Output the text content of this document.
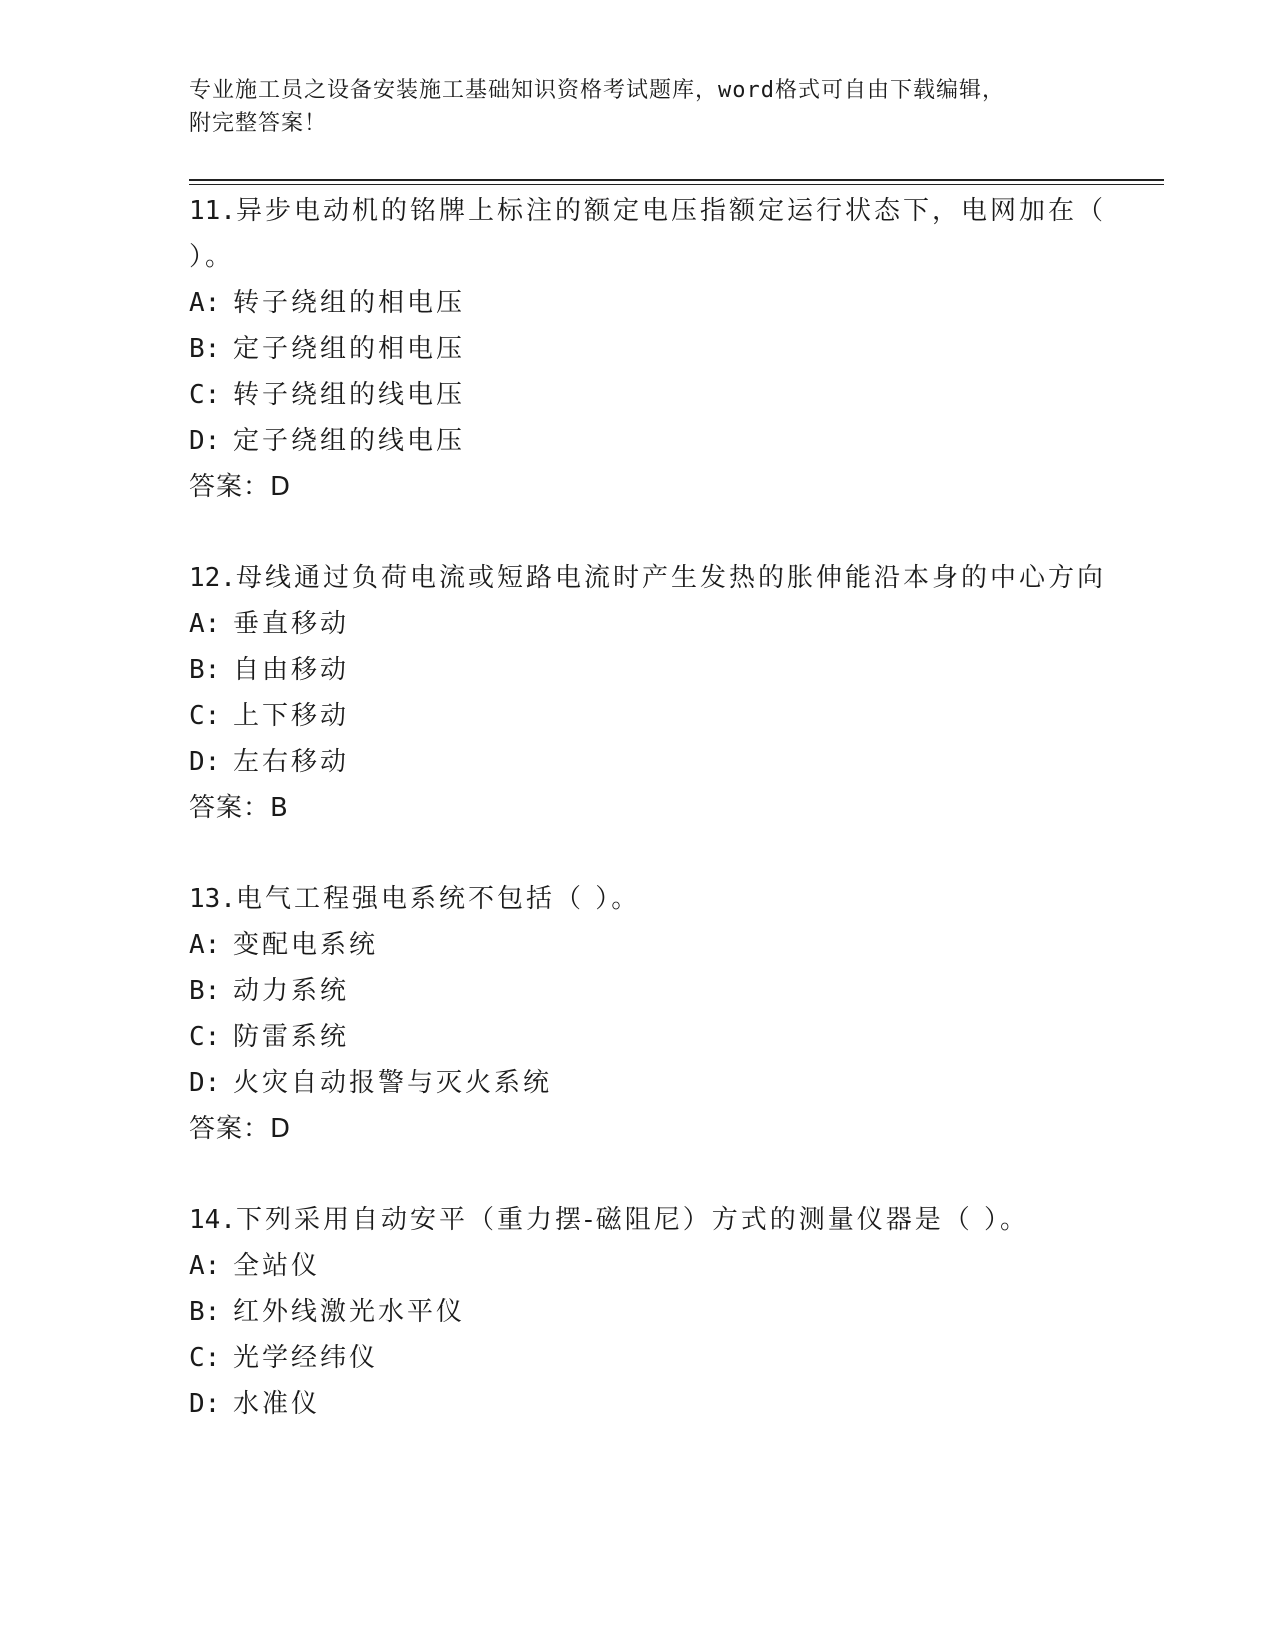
专业施工员之设备安装施工基础知识资格考试题库，word格式可自由下载编辑，
附完整答案！
11.异步电动机的铭牌上标注的额定电压指额定运行状态下，电网加在（ ）。
A: 转子绕组的相电压
B: 定子绕组的相电压
C: 转子绕组的线电压
D: 定子绕组的线电压
答案：D
12.母线通过负荷电流或短路电流时产生发热的胀伸能沿本身的中心方向
A: 垂直移动
B: 自由移动
C: 上下移动
D: 左右移动
答案：B
13.电气工程强电系统不包括（ ）。
A: 变配电系统
B: 动力系统
C: 防雷系统
D: 火灾自动报警与灭火系统
答案：D
14.下列采用自动安平（重力摆-磁阻尼）方式的测量仪器是（ ）。
A: 全站仪
B: 红外线激光水平仪
C: 光学经纬仪
D: 水准仪
